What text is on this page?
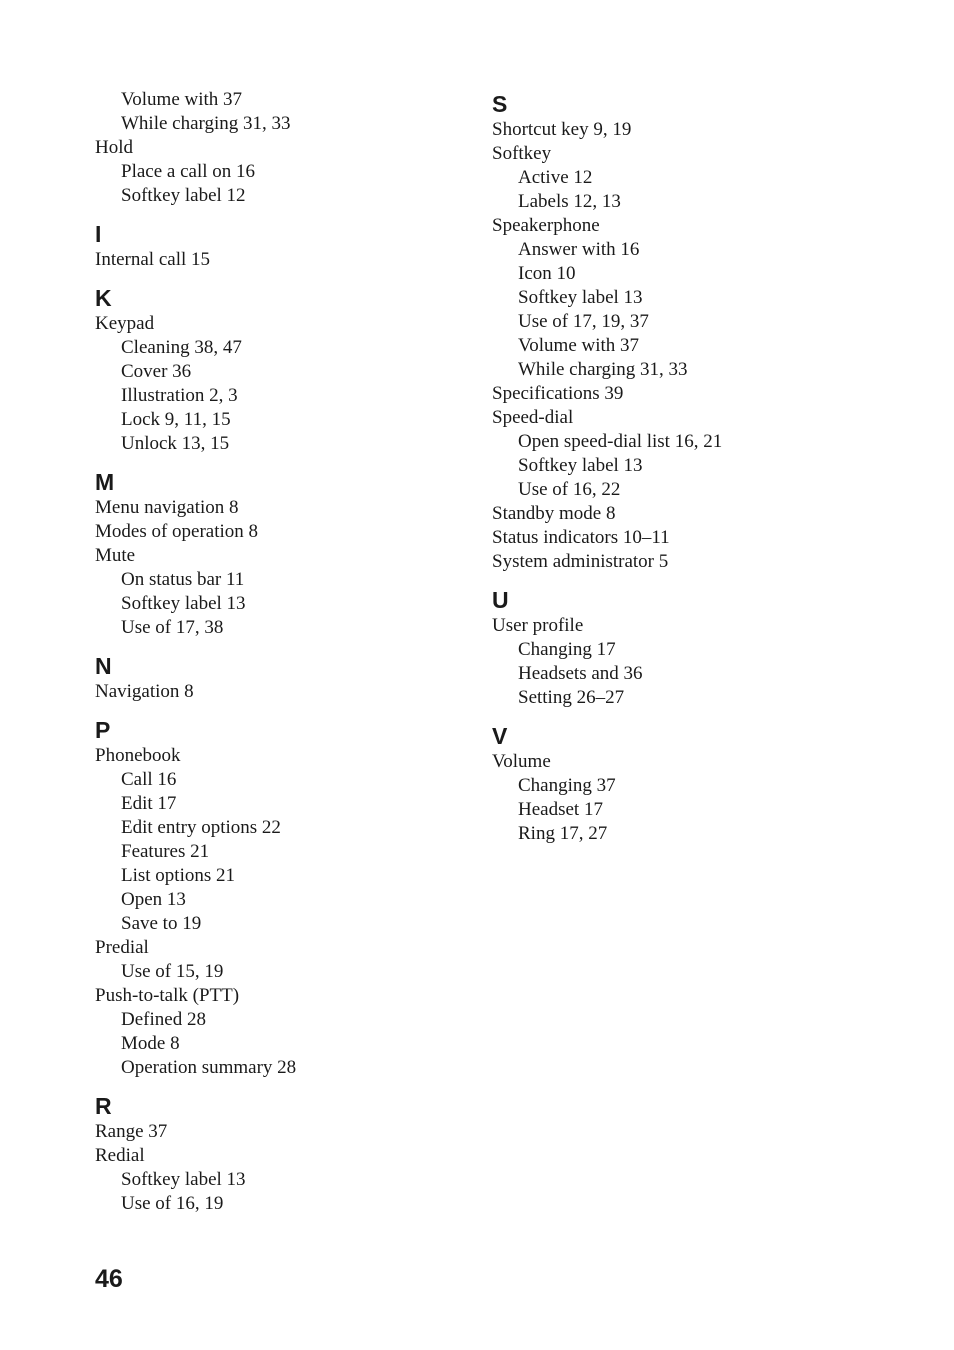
Volume with 37
While charging 31, 33
Hold
Place a call on 16
Softkey label 12
I
Internal call 15
K
Keypad
Cleaning 38, 47
Cover 36
Illustration 2, 3
Lock 9, 11, 15
Unlock 13, 15
M
Menu navigation 8
Modes of operation 8
Mute
On status bar 11
Softkey label 13
Use of 17, 38
N
Navigation 8
P
Phonebook
Call 16
Edit 17
Edit entry options 22
Features 21
List options 21
Open 13
Save to 19
Predial
Use of 15, 19
Push-to-talk (PTT)
Defined 28
Mode 8
Operation summary 28
R
Range 37
Redial
Softkey label 13
Use of 16, 19
S
Shortcut key 9, 19
Softkey
Active 12
Labels 12, 13
Speakerphone
Answer with 16
Icon 10
Softkey label 13
Use of 17, 19, 37
Volume with 37
While charging 31, 33
Specifications 39
Speed-dial
Open speed-dial list 16, 21
Softkey label 13
Use of 16, 22
Standby mode 8
Status indicators 10–11
System administrator 5
U
User profile
Changing 17
Headsets and 36
Setting 26–27
V
Volume
Changing 37
Headset 17
Ring 17, 27
46
